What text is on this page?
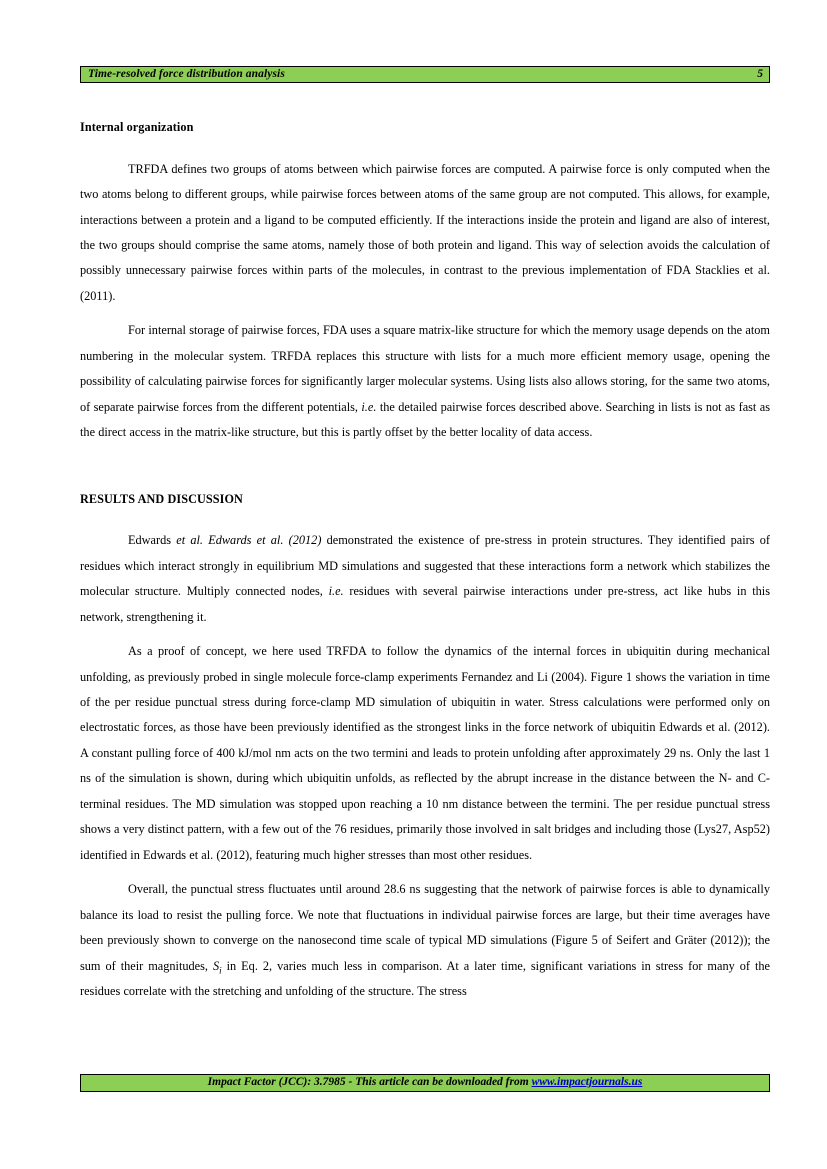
Time-resolved force distribution analysis	5
Internal organization

TRFDA defines two groups of atoms between which pairwise forces are computed. A pairwise force is only computed when the two atoms belong to different groups, while pairwise forces between atoms of the same group are not computed. This allows, for example, interactions between a protein and a ligand to be computed efficiently. If the interactions inside the protein and ligand are also of interest, the two groups should comprise the same atoms, namely those of both protein and ligand. This way of selection avoids the calculation of possibly unnecessary pairwise forces within parts of the molecules, in contrast to the previous implementation of FDA Stacklies et al. (2011).

For internal storage of pairwise forces, FDA uses a square matrix-like structure for which the memory usage depends on the atom numbering in the molecular system. TRFDA replaces this structure with lists for a much more efficient memory usage, opening the possibility of calculating pairwise forces for significantly larger molecular systems. Using lists also allows storing, for the same two atoms, of separate pairwise forces from the different potentials, i.e. the detailed pairwise forces described above. Searching in lists is not as fast as the direct access in the matrix-like structure, but this is partly offset by the better locality of data access.

RESULTS AND DISCUSSION

Edwards et al. Edwards et al. (2012) demonstrated the existence of pre-stress in protein structures. They identified pairs of residues which interact strongly in equilibrium MD simulations and suggested that these interactions form a network which stabilizes the molecular structure. Multiply connected nodes, i.e. residues with several pairwise interactions under pre-stress, act like hubs in this network, strengthening it.

As a proof of concept, we here used TRFDA to follow the dynamics of the internal forces in ubiquitin during mechanical unfolding, as previously probed in single molecule force-clamp experiments Fernandez and Li (2004). Figure 1 shows the variation in time of the per residue punctual stress during force-clamp MD simulation of ubiquitin in water. Stress calculations were performed only on electrostatic forces, as those have been previously identified as the strongest links in the force network of ubiquitin Edwards et al. (2012). A constant pulling force of 400 kJ/mol nm acts on the two termini and leads to protein unfolding after approximately 29 ns. Only the last 1 ns of the simulation is shown, during which ubiquitin unfolds, as reflected by the abrupt increase in the distance between the N- and C-terminal residues. The MD simulation was stopped upon reaching a 10 nm distance between the termini. The per residue punctual stress shows a very distinct pattern, with a few out of the 76 residues, primarily those involved in salt bridges and including those (Lys27, Asp52) identified in Edwards et al. (2012), featuring much higher stresses than most other residues.

Overall, the punctual stress fluctuates until around 28.6 ns suggesting that the network of pairwise forces is able to dynamically balance its load to resist the pulling force. We note that fluctuations in individual pairwise forces are large, but their time averages have been previously shown to converge on the nanosecond time scale of typical MD simulations (Figure 5 of Seifert and Gräter (2012)); the sum of their magnitudes, $S_i$ in Eq. 2, varies much less in comparison. At a later time, significant variations in stress for many of the residues correlate with the stretching and unfolding of the structure. The stress

Impact Factor (JCC): 3.7985 - This article can be downloaded from www.impactjournals.us
